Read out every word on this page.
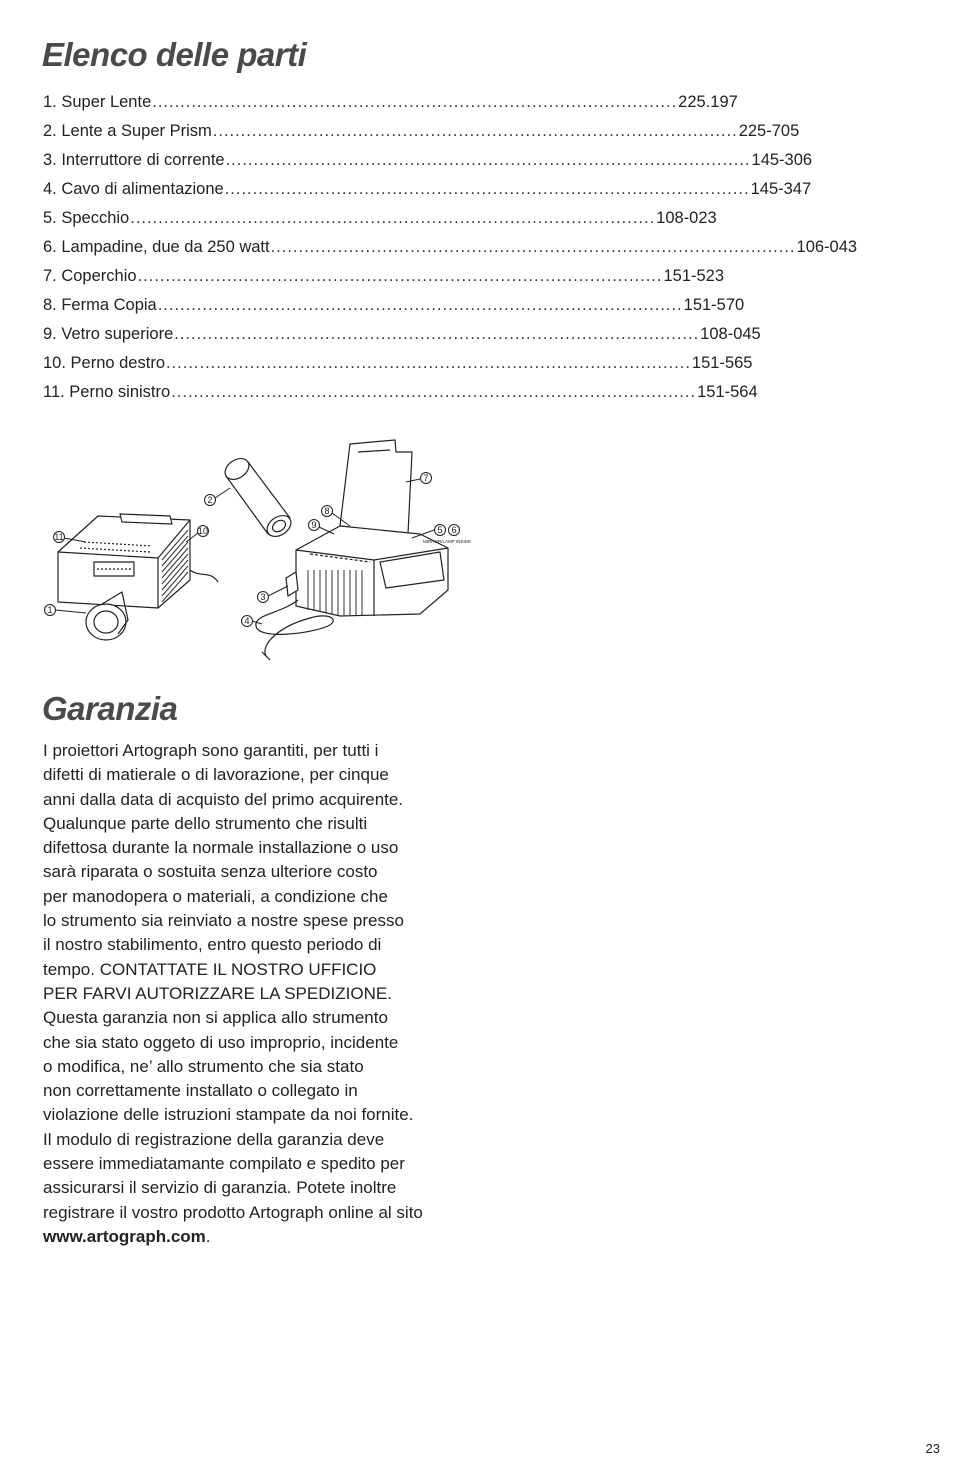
Elenco delle parti
1. Super Lente .............................................................................................. 225.197
2. Lente a Super Prism .............................................................................................. 225-705
3. Interruttore di corrente .............................................................................................. 145-306
4. Cavo di alimentazione .............................................................................................. 145-347
5. Specchio .............................................................................................. 108-023
6. Lampadine, due da 250 watt .............................................................................................. 106-043
7. Coperchio .............................................................................................. 151-523
8. Ferma Copia .............................................................................................. 151-570
9. Vetro superiore .............................................................................................. 108-045
10. Perno destro .............................................................................................. 151-565
11. Perno sinistro .............................................................................................. 151-564
1
2
3
4
5 6
MIRROR/LAMP INSIDE
7
8
9
10
11
Garanzia

I proiettori Artograph sono garantiti, per tutti i
difetti di matierale o di lavorazione, per cinque
anni dalla data di acquisto del primo acquirente.
Qualunque parte dello strumento che risulti
difettosa durante la normale installazione o uso
sarà riparata o sostuita senza ulteriore costo
per manodopera o materiali, a condizione che
lo strumento sia reinviato a nostre spese presso
il nostro stabilimento, entro questo periodo di
tempo. CONTATTATE IL NOSTRO UFFICIO
PER FARVI AUTORIZZARE LA SPEDIZIONE.
Questa garanzia non si applica allo strumento
che sia stato oggeto di uso improprio, incidente
o modifica, ne’ allo strumento che sia stato
non correttamente installato o collegato in
violazione delle istruzioni stampate da noi fornite.
Il modulo di registrazione della garanzia deve
essere immediatamante compilato e spedito per
assicurarsi il servizio di garanzia. Potete inoltre
registrare il vostro prodotto Artograph online al sito
www.artograph.com.

23
